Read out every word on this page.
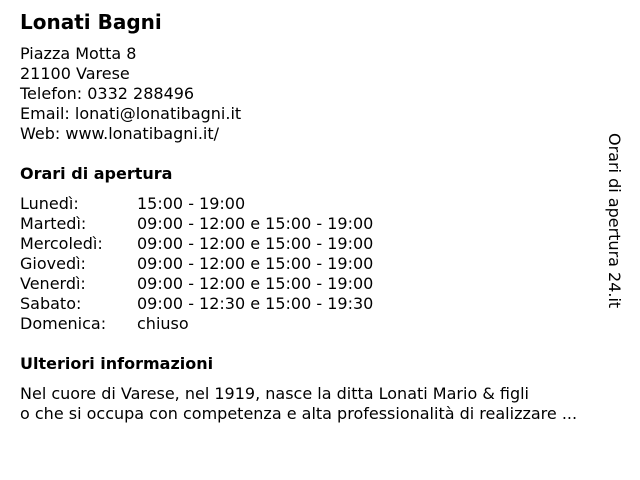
Lonati Bagni
Piazza Motta 8
21100 Varese
Telefon: 0332 288496
Email: lonati@lonatibagni.it
Web: www.lonatibagni.it/
Orari di apertura
Lunedì:	15:00 - 19:00
Martedì:	09:00 - 12:00 e 15:00 - 19:00
Mercoledì: 09:00 - 12:00 e 15:00 - 19:00
Giovedì:	09:00 - 12:00 e 15:00 - 19:00
Venerdì:	09:00 - 12:00 e 15:00 - 19:00
Sabato:	09:00 - 12:30 e 15:00 - 19:30
Domenica: chiuso
Ulteriori informazioni
Nel cuore di Varese, nel 1919, nasce la ditta Lonati Mario & figli
o che si occupa con competenza e alta professionalità di realizzare ...
Orari di apertura 24.it
